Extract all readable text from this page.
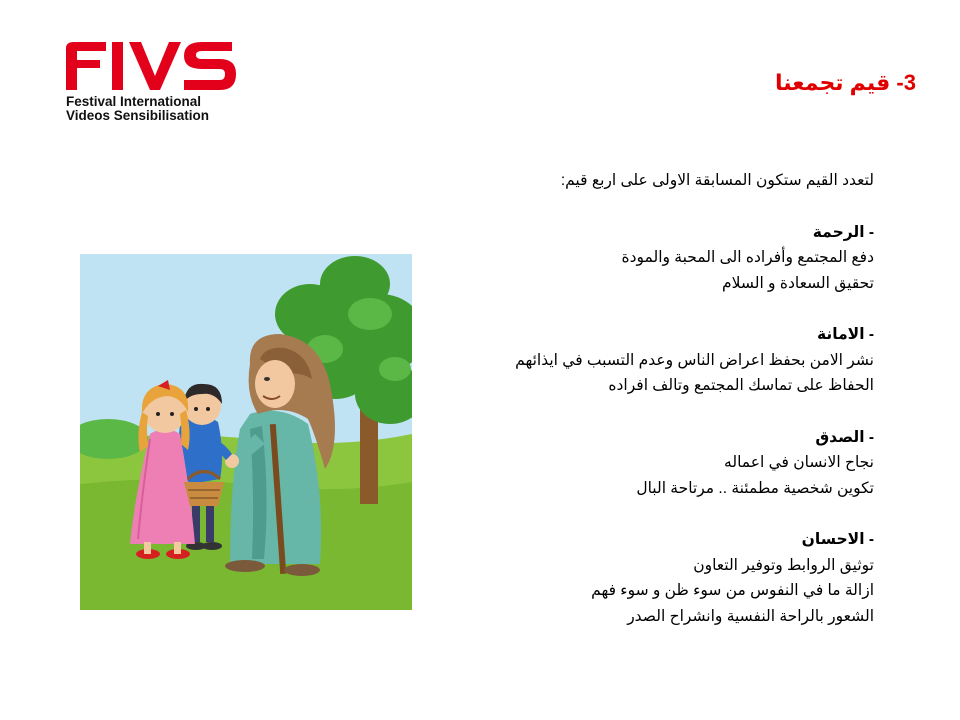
Festival International
Videos Sensibilisation
3- قيم تجمعنا

لتعدد القيم ستكون المسابقة الاولى على اربع قيم:

- الرحمة

دفع المجتمع وأفراده الى المحبة والمودة

تحقيق السعادة و السلام

- الامانة

نشر الامن بحفظ اعراض الناس وعدم التسبب في ايذائهم

الحفاظ على تماسك المجتمع وتالف افراده

- الصدق

نجاح الانسان في اعماله

تكوين شخصية مطمئنة .. مرتاحة البال

- الاحسان

توثيق الروابط وتوفير التعاون

ازالة ما في النفوس من سوء ظن و سوء فهم

الشعور بالراحة النفسية وانشراح الصدر
